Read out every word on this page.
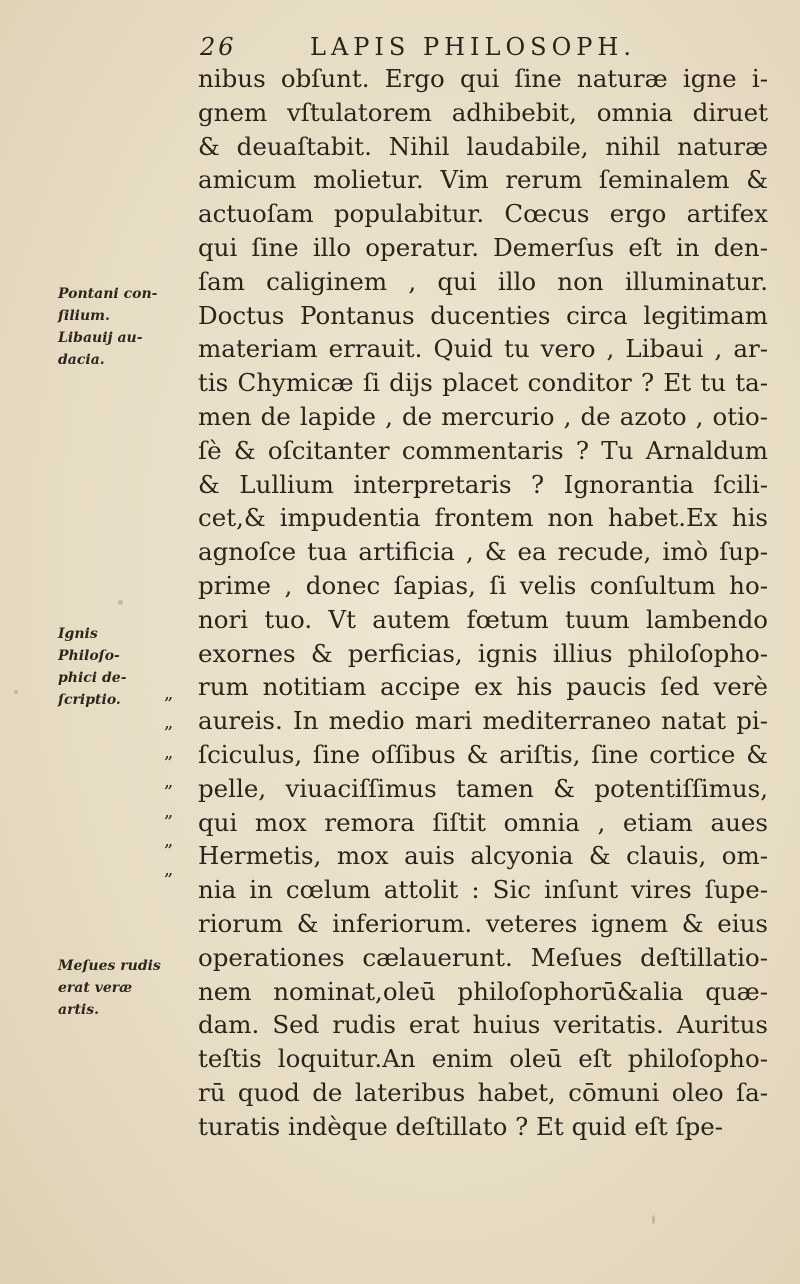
26	LAPIS PHILOSOPH.
nibus obſunt. Ergo qui ſine naturæ igne i-
gnem vſtulatorem adhibebit, omnia diruet
& deuaſtabit. Nihil laudabile, nihil naturæ
amicum molietur. Vim rerum ſeminalem &
actuoſam populabitur. Cœcus ergo artifex
qui ſine illo operatur. Demerſus eſt in den-
ſam caliginem , qui illo non illuminatur.
Doctus Pontanus ducenties circa legitimam
materiam errauit. Quid tu vero , Libaui , ar-
tis Chymicæ ſi dijs placet conditor ? Et tu ta-
men de lapide , de mercurio , de azoto , otio-
ſè & oſcitanter commentaris ? Tu Arnaldum
& Lullium interpretaris ? Ignorantia ſcili-
cet,& impudentia frontem non habet.Ex his
agnoſce tua artificia , & ea recude, imò ſup-
prime , donec ſapias, ſi velis conſultum ho-
nori tuo. Vt autem fœtum tuum lambendo
exornes & perficias, ignis illius philoſopho-
rum notitiam accipe ex his paucis ſed verè
aureis. In medio mari mediterraneo natat pi-
ſciculus, ſine oſſibus & ariſtis, ſine cortice &
pelle, viuaciſſimus tamen & potentiſſimus,
qui mox remora ſiſtit omnia , etiam aues
Hermetis, mox auis alcyonia & clauis, om-
nia in cœlum attolit : Sic inſunt vires ſupe-
riorum & inferiorum. veteres ignem & eius
operationes cælauerunt. Meſues deſtillatio-
nem nominat,oleū philoſophorū&alia quæ-
dam. Sed rudis erat huius veritatis. Auritus
teſtis loquitur.An enim oleū eſt philoſopho-
rū quod de lateribus habet, cōmuni oleo ſa-
turatis indèque deſtillato ? Et quid eſt ſpe-
Pontani con-
ſilium.
Libauij au-
dacia.
Ignis
Philoſo-
phici de-
ſcriptio.
Meſues rudis
erat veræ
artis.
„
„
„
„
„
„
„
